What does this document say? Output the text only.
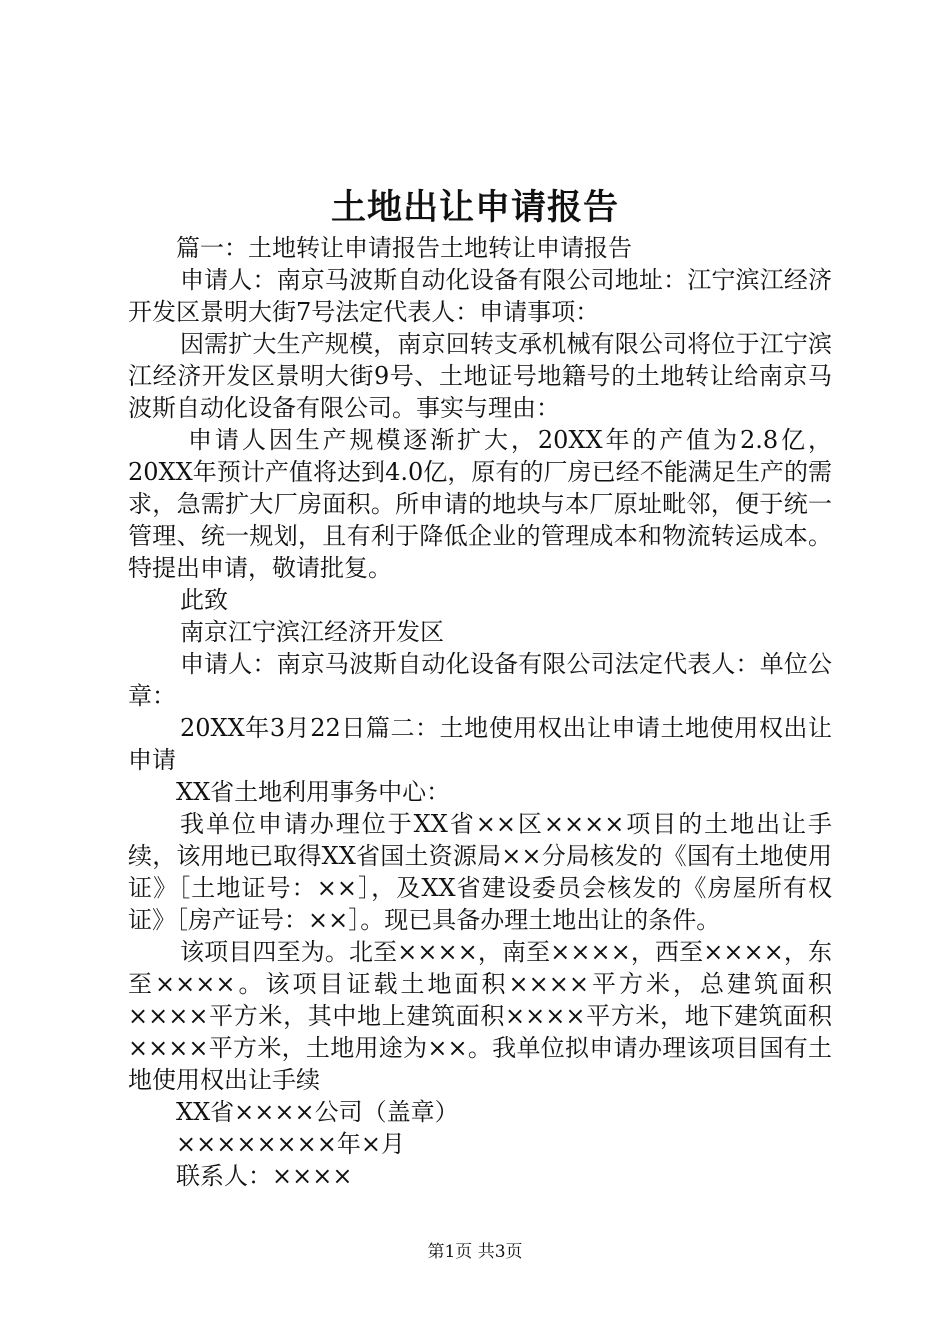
土地出让申请报告

篇一：土地转让申请报告土地转让申请报告

申请人：南京马波斯自动化设备有限公司地址：江宁滨江经济开发区景明大街7号法定代表人：申请事项：

因需扩大生产规模，南京回转支承机械有限公司将位于江宁滨江经济开发区景明大街9号、土地证号地籍号的土地转让给南京马波斯自动化设备有限公司。事实与理由：

申请人因生产规模逐渐扩大，20XX年的产值为2.8亿，20XX年预计产值将达到4.0亿，原有的厂房已经不能满足生产的需求，急需扩大厂房面积。所申请的地块与本厂原址毗邻，便于统一管理、统一规划，且有利于降低企业的管理成本和物流转运成本。特提出申请，敬请批复。

此致

南京江宁滨江经济开发区

申请人：南京马波斯自动化设备有限公司法定代表人：单位公章：

20XX年3月22日篇二：土地使用权出让申请土地使用权出让申请

XX省土地利用事务中心：

我单位申请办理位于XX省××区××××项目的土地出让手续，该用地已取得XX省国土资源局××分局核发的《国有土地使用证》［土地证号：××］，及XX省建设委员会核发的《房屋所有权证》［房产证号：××］。现已具备办理土地出让的条件。

该项目四至为。北至××××，南至××××，西至××××，东至××××。该项目证载土地面积××××平方米，总建筑面积××××平方米，其中地上建筑面积××××平方米，地下建筑面积××××平方米，土地用途为××。我单位拟申请办理该项目国有土地使用权出让手续

XX省××××公司（盖章）

××××××××年×月

联系人：××××

第1页 共3页
